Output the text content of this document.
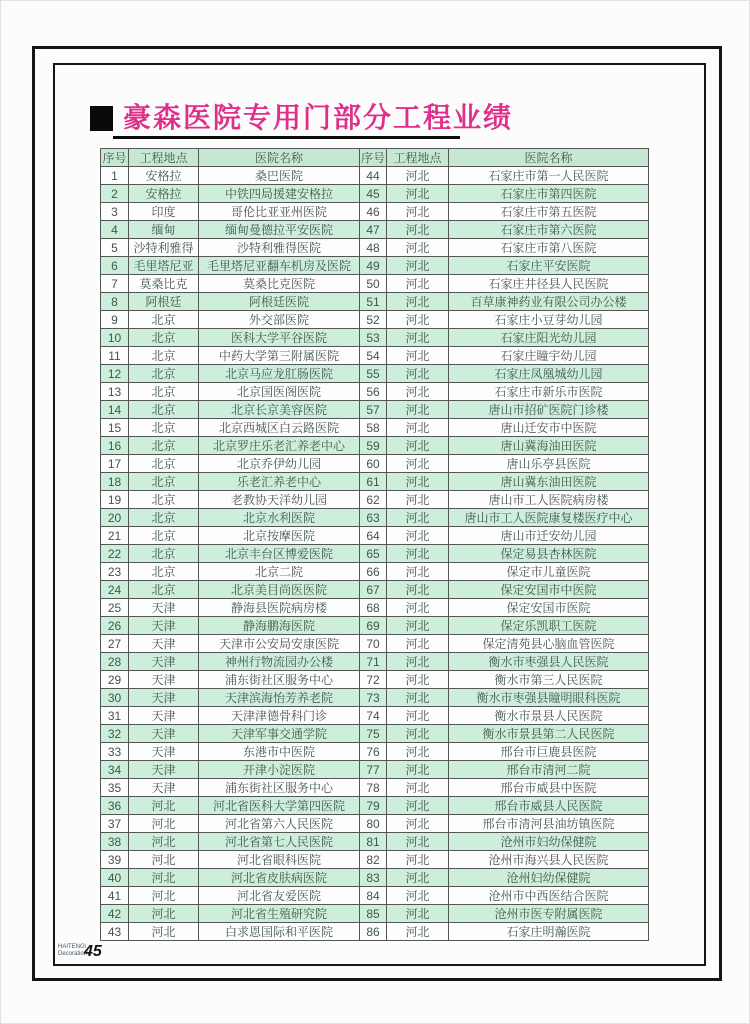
豪森医院专用门部分工程业绩
序号	工程地点	医院名称	序号	工程地点	医院名称
1	安格拉	桑巴医院	44	河北	石家庄市第一人民医院
2	安格拉	中铁四局援建安格拉	45	河北	石家庄市第四医院
3	印度	哥伦比亚亚州医院	46	河北	石家庄市第五医院
4	缅甸	缅甸曼德拉平安医院	47	河北	石家庄市第六医院
5	沙特利雅得	沙特利雅得医院	48	河北	石家庄市第八医院
6	毛里塔尼亚	毛里塔尼亚翻车机房及医院	49	河北	石家庄平安医院
7	莫桑比克	莫桑比克医院	50	河北	石家庄井径县人民医院
8	阿根廷	阿根廷医院	51	河北	百草康神药业有限公司办公楼
9	北京	外交部医院	52	河北	石家庄小豆芽幼儿园
10	北京	医科大学平谷医院	53	河北	石家庄阳光幼儿园
11	北京	中药大学第三附属医院	54	河北	石家庄瞳宇幼儿园
12	北京	北京马应龙肛肠医院	55	河北	石家庄凤凰城幼儿园
13	北京	北京国医阁医院	56	河北	石家庄市新乐市医院
14	北京	北京长京美容医院	57	河北	唐山市招矿医院门诊楼
15	北京	北京西城区白云路医院	58	河北	唐山迁安市中医院
16	北京	北京罗庄乐老汇养老中心	59	河北	唐山冀海油田医院
17	北京	北京乔伊幼儿园	60	河北	唐山乐亭县医院
18	北京	乐老汇养老中心	61	河北	唐山冀东油田医院
19	北京	老教协天洋幼儿园	62	河北	唐山市工人医院病房楼
20	北京	北京水利医院	63	河北	唐山市工人医院康复楼医疗中心
21	北京	北京按摩医院	64	河北	唐山市迁安幼儿园
22	北京	北京丰台区博爱医院	65	河北	保定易县杏林医院
23	北京	北京二院	66	河北	保定市儿童医院
24	北京	北京美目尚医医院	67	河北	保定安国市中医院
25	天津	静海县医院病房楼	68	河北	保定安国市医院
26	天津	静海鹏海医院	69	河北	保定乐凯职工医院
27	天津	天津市公安局安康医院	70	河北	保定清苑县心脑血管医院
28	天津	神州行物流园办公楼	71	河北	衡水市枣强县人民医院
29	天津	浦东街社区服务中心	72	河北	衡水市第三人民医院
30	天津	天津滨海怡芳养老院	73	河北	衡水市枣强县瞳明眼科医院
31	天津	天津津德骨科门诊	74	河北	衡水市景县人民医院
32	天津	天津军事交通学院	75	河北	衡水市景县第二人民医院
33	天津	东港市中医院	76	河北	邢台市巨鹿县医院
34	天津	开津小淀医院	77	河北	邢台市清河二院
35	天津	浦东街社区服务中心	78	河北	邢台市威县中医院
36	河北	河北省医科大学第四医院	79	河北	邢台市威县人民医院
37	河北	河北省第六人民医院	80	河北	邢台市清河县油坊镇医院
38	河北	河北省第七人民医院	81	河北	沧州市妇幼保健院
39	河北	河北省眼科医院	82	河北	沧州市海兴县人民医院
40	河北	河北省皮肤病医院	83	河北	沧州妇幼保健院
41	河北	河北省友爱医院	84	河北	沧州市中西医结合医院
42	河北	河北省生殖研究院	85	河北	沧州市医专附属医院
43	河北	白求恩国际和平医院	86	河北	石家庄明瀚医院
HAITENG\
Decoration\
45
